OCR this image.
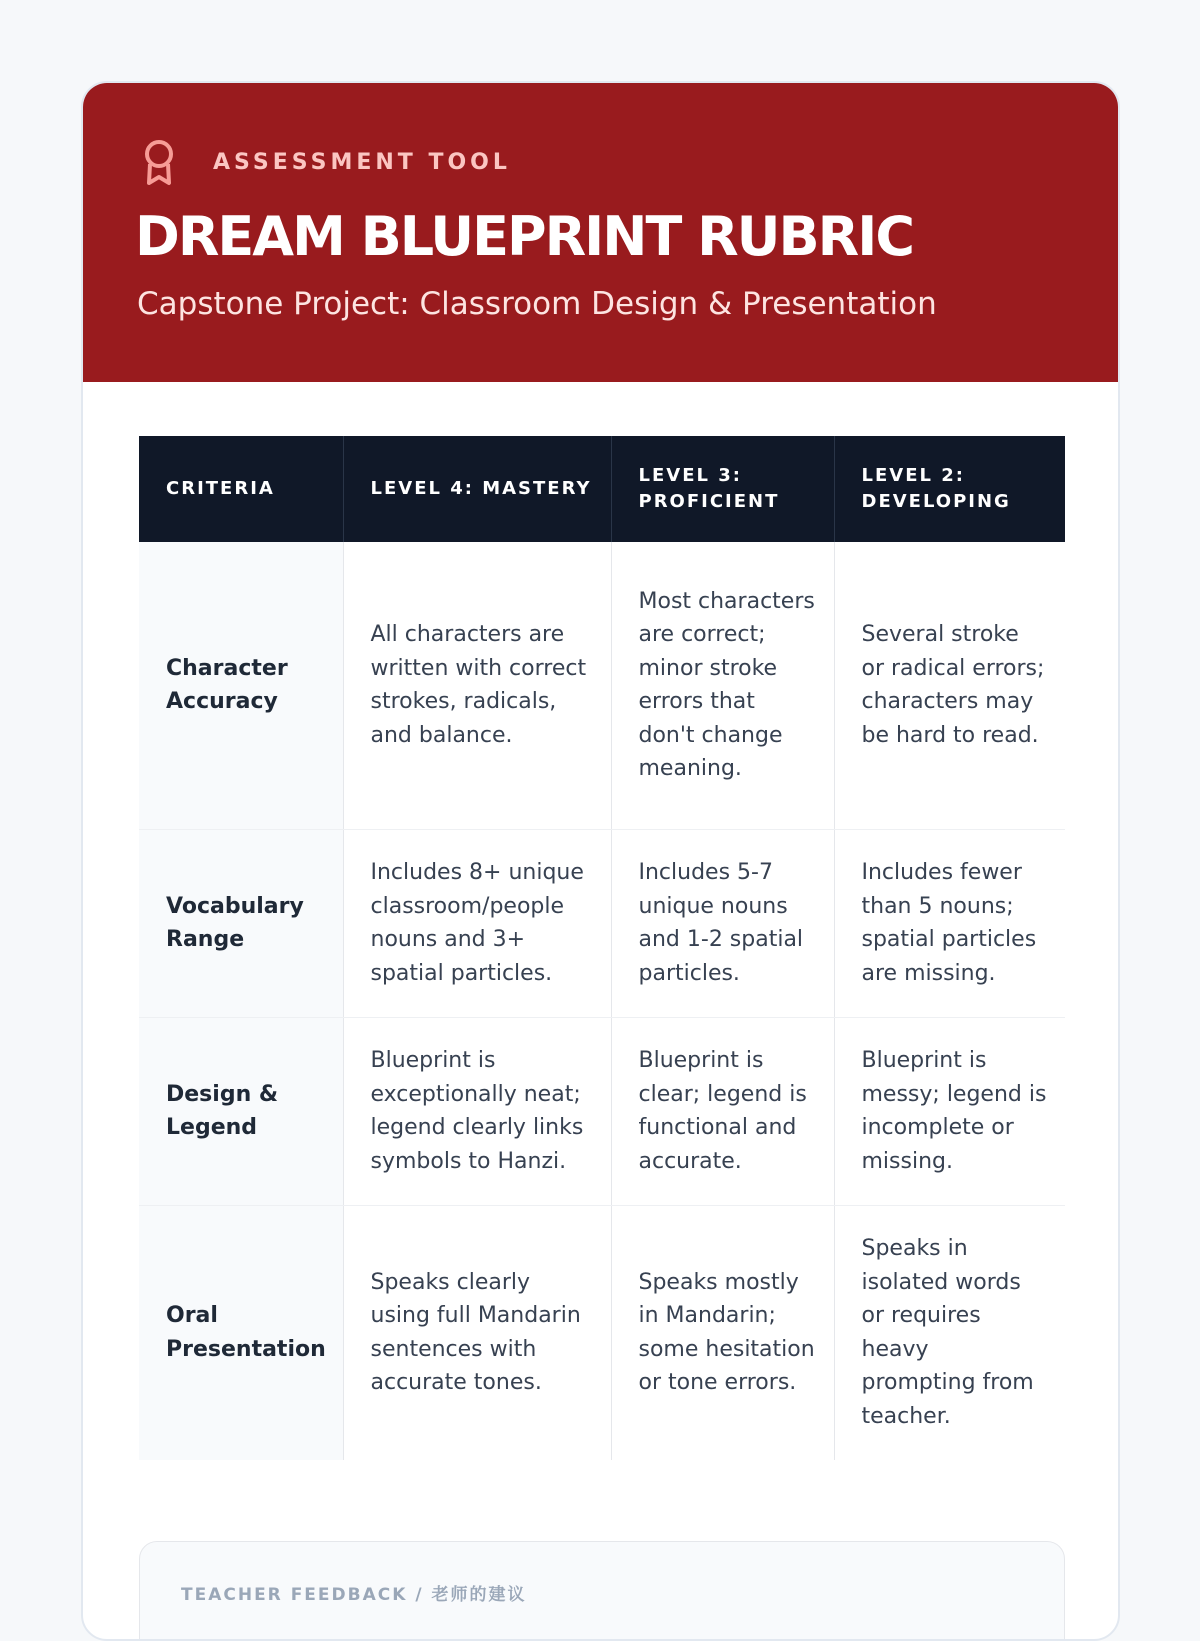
ASSESSMENT TOOL
DREAM BLUEPRINT RUBRIC
Capstone Project: Classroom Design & Presentation
CRITERIA	LEVEL 4: MASTERY	LEVEL 3: PROFICIENT	LEVEL 2: DEVELOPING
Character Accuracy	All characters are written with correct strokes, radicals, and balance.	Most characters are correct; minor stroke errors that don't change meaning.	Several stroke or radical errors; characters may be hard to read.
Vocabulary Range	Includes 8+ unique classroom/people nouns and 3+ spatial particles.	Includes 5-7 unique nouns and 1-2 spatial particles.	Includes fewer than 5 nouns; spatial particles are missing.
Design & Legend	Blueprint is exceptionally neat; legend clearly links symbols to Hanzi.	Blueprint is clear; legend is functional and accurate.	Blueprint is messy; legend is incomplete or missing.
Oral Presentation	Speaks clearly using full Mandarin sentences with accurate tones.	Speaks mostly in Mandarin; some hesitation or tone errors.	Speaks in isolated words or requires heavy prompting from teacher.
TEACHER FEEDBACK / 老师的建议
